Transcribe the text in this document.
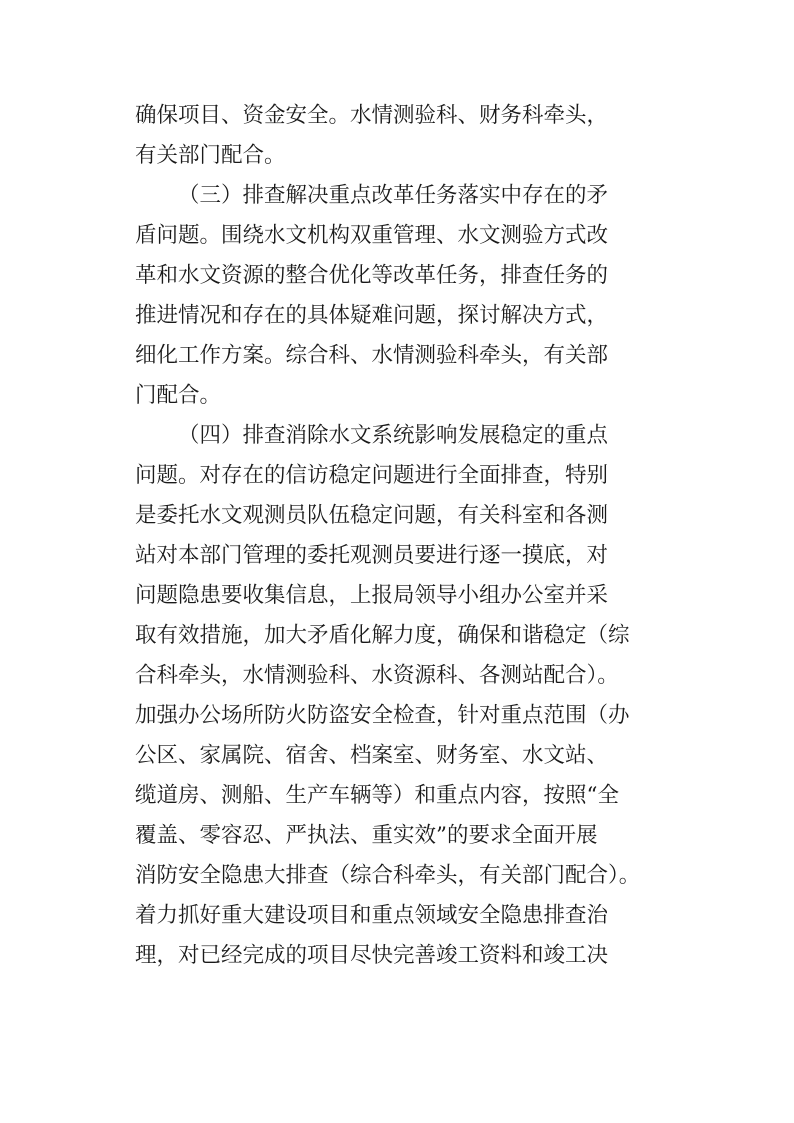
确保项目、资金安全。水情测验科、财务科牵头，
有关部门配合。
（三）排查解决重点改革任务落实中存在的矛
盾问题。围绕水文机构双重管理、水文测验方式改
革和水文资源的整合优化等改革任务，排查任务的
推进情况和存在的具体疑难问题，探讨解决方式，
细化工作方案。综合科、水情测验科牵头，有关部
门配合。
（四）排查消除水文系统影响发展稳定的重点
问题。对存在的信访稳定问题进行全面排查，特别
是委托水文观测员队伍稳定问题，有关科室和各测
站对本部门管理的委托观测员要进行逐一摸底，对
问题隐患要收集信息，上报局领导小组办公室并采
取有效措施，加大矛盾化解力度，确保和谐稳定（综
合科牵头，水情测验科、水资源科、各测站配合）。
加强办公场所防火防盗安全检查，针对重点范围（办
公区、家属院、宿舍、档案室、财务室、水文站、
缆道房、测船、生产车辆等）和重点内容，按照“全
覆盖、零容忍、严执法、重实效”的要求全面开展
消防安全隐患大排查（综合科牵头，有关部门配合）。
着力抓好重大建设项目和重点领域安全隐患排查治
理，对已经完成的项目尽快完善竣工资料和竣工决
